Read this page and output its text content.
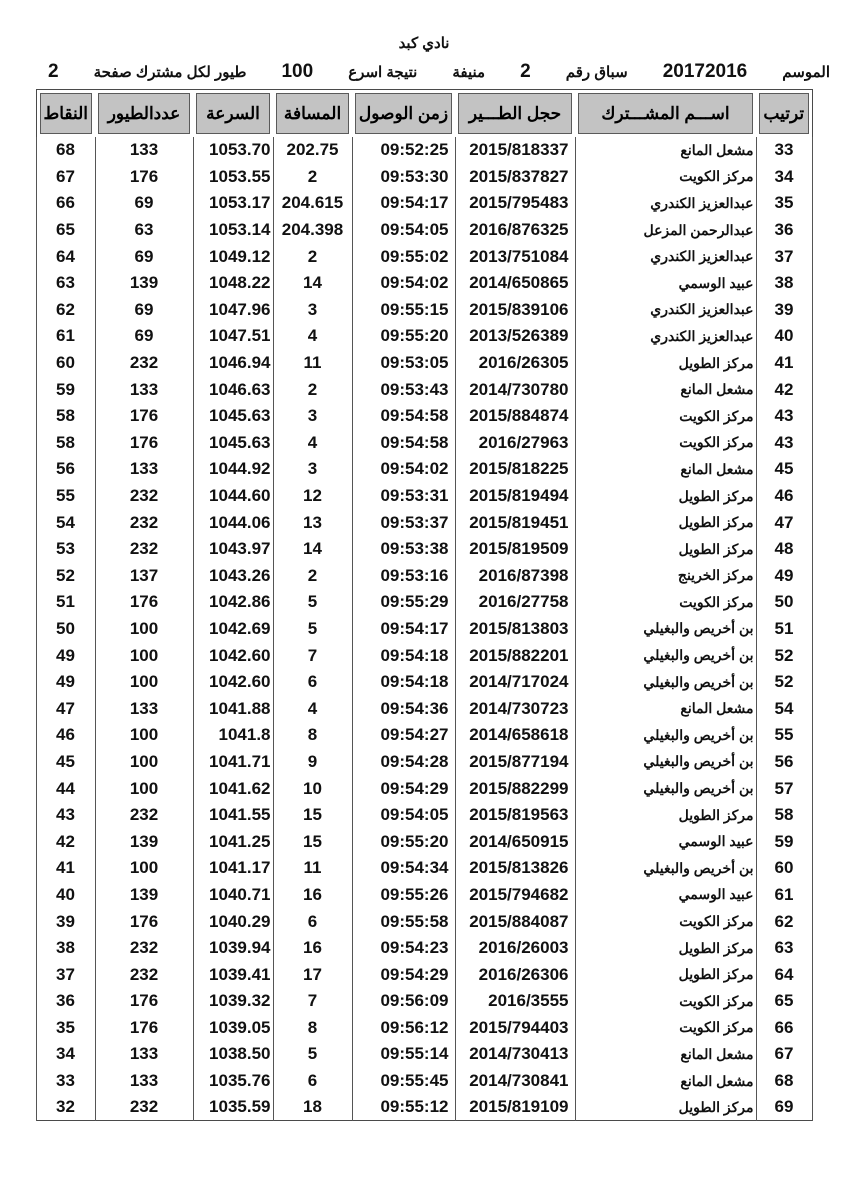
نادي كبد
الموسم
20172016
سباق رقم
2
منيفة
نتيجة اسرع
100
طيور لكل مشترك صفحة
2
ترتيب	اســـم المشـــترك	حجل الطـــير	زمن الوصول	المسافة	السرعة	عددالطيور	النقاط

33	مشعل المانع	2015/818337	09:52:25	202.75	1053.70	133	68
34	مركز الكويت	2015/837827	09:53:30	2	1053.55	176	67
35	عبدالعزيز الكندري	2015/795483	09:54:17	204.615	1053.17	69	66
36	عبدالرحمن المزعل	2016/876325	09:54:05	204.398	1053.14	63	65
37	عبدالعزيز الكندري	2013/751084	09:55:02	2	1049.12	69	64
38	عبيد الوسمي	2014/650865	09:54:02	14	1048.22	139	63
39	عبدالعزيز الكندري	2015/839106	09:55:15	3	1047.96	69	62
40	عبدالعزيز الكندري	2013/526389	09:55:20	4	1047.51	69	61
41	مركز الطويل	2016/26305	09:53:05	11	1046.94	232	60
42	مشعل المانع	2014/730780	09:53:43	2	1046.63	133	59
43	مركز الكويت	2015/884874	09:54:58	3	1045.63	176	58
43	مركز الكويت	2016/27963	09:54:58	4	1045.63	176	58
45	مشعل المانع	2015/818225	09:54:02	3	1044.92	133	56
46	مركز الطويل	2015/819494	09:53:31	12	1044.60	232	55
47	مركز الطويل	2015/819451	09:53:37	13	1044.06	232	54
48	مركز الطويل	2015/819509	09:53:38	14	1043.97	232	53
49	مركز الخرينج	2016/87398	09:53:16	2	1043.26	137	52
50	مركز الكويت	2016/27758	09:55:29	5	1042.86	176	51
51	بن أخريص والبغيلي	2015/813803	09:54:17	5	1042.69	100	50
52	بن أخريص والبغيلي	2015/882201	09:54:18	7	1042.60	100	49
52	بن أخريص والبغيلي	2014/717024	09:54:18	6	1042.60	100	49
54	مشعل المانع	2014/730723	09:54:36	4	1041.88	133	47
55	بن أخريص والبغيلي	2014/658618	09:54:27	8	1041.8	100	46
56	بن أخريص والبغيلي	2015/877194	09:54:28	9	1041.71	100	45
57	بن أخريص والبغيلي	2015/882299	09:54:29	10	1041.62	100	44
58	مركز الطويل	2015/819563	09:54:05	15	1041.55	232	43
59	عبيد الوسمي	2014/650915	09:55:20	15	1041.25	139	42
60	بن أخريص والبغيلي	2015/813826	09:54:34	11	1041.17	100	41
61	عبيد الوسمي	2015/794682	09:55:26	16	1040.71	139	40
62	مركز الكويت	2015/884087	09:55:58	6	1040.29	176	39
63	مركز الطويل	2016/26003	09:54:23	16	1039.94	232	38
64	مركز الطويل	2016/26306	09:54:29	17	1039.41	232	37
65	مركز الكويت	2016/3555	09:56:09	7	1039.32	176	36
66	مركز الكويت	2015/794403	09:56:12	8	1039.05	176	35
67	مشعل المانع	2014/730413	09:55:14	5	1038.50	133	34
68	مشعل المانع	2014/730841	09:55:45	6	1035.76	133	33
69	مركز الطويل	2015/819109	09:55:12	18	1035.59	232	32
